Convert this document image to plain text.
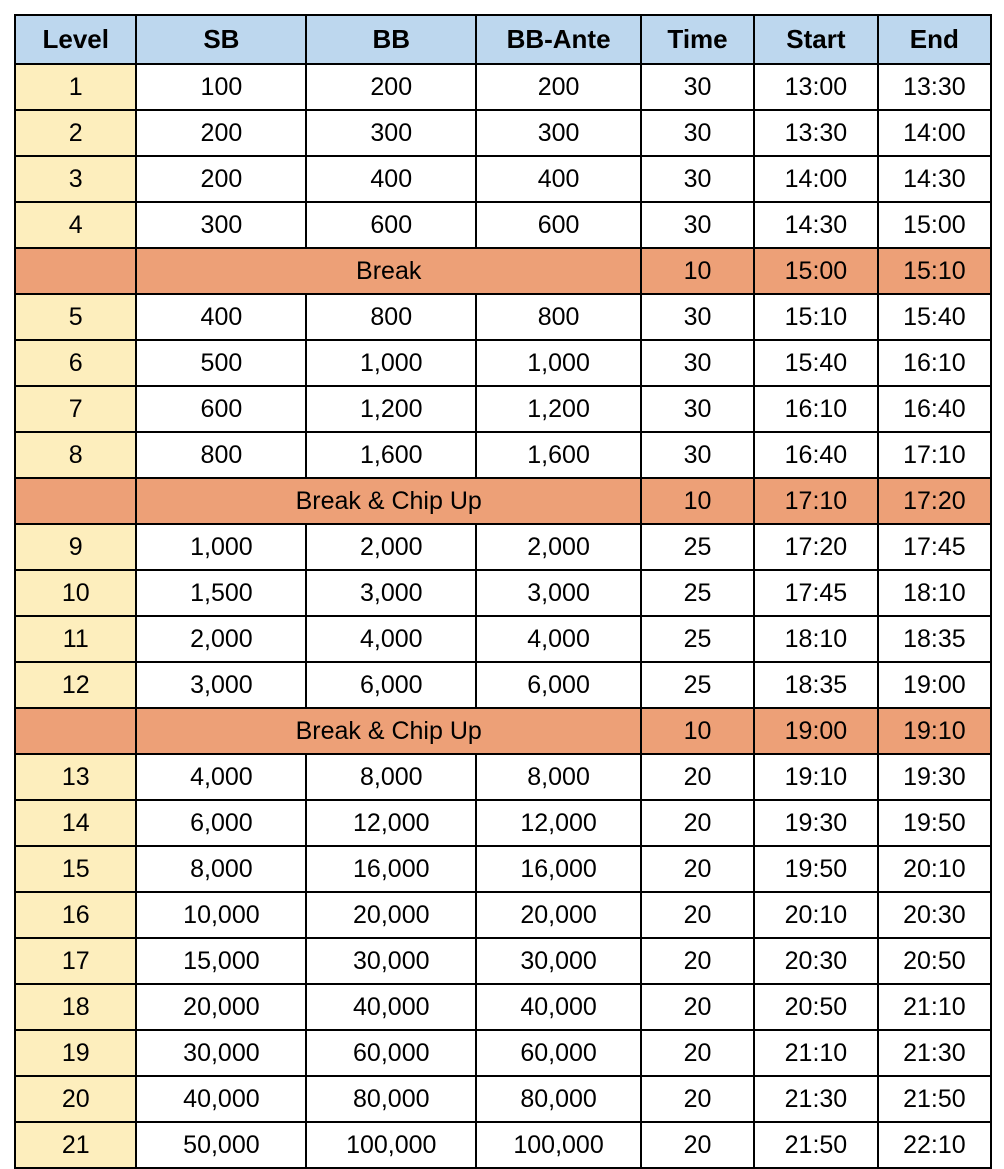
Level	SB	BB	BB-Ante	Time	Start	End
1	100	200	200	30	13:00	13:30
2	200	300	300	30	13:30	14:00
3	200	400	400	30	14:00	14:30
4	300	600	600	30	14:30	15:00
	Break			10	15:00	15:10
5	400	800	800	30	15:10	15:40
6	500	1,000	1,000	30	15:40	16:10
7	600	1,200	1,200	30	16:10	16:40
8	800	1,600	1,600	30	16:40	17:10
	Break & Chip Up			10	17:10	17:20
9	1,000	2,000	2,000	25	17:20	17:45
10	1,500	3,000	3,000	25	17:45	18:10
11	2,000	4,000	4,000	25	18:10	18:35
12	3,000	6,000	6,000	25	18:35	19:00
	Break & Chip Up			10	19:00	19:10
13	4,000	8,000	8,000	20	19:10	19:30
14	6,000	12,000	12,000	20	19:30	19:50
15	8,000	16,000	16,000	20	19:50	20:10
16	10,000	20,000	20,000	20	20:10	20:30
17	15,000	30,000	30,000	20	20:30	20:50
18	20,000	40,000	40,000	20	20:50	21:10
19	30,000	60,000	60,000	20	21:10	21:30
20	40,000	80,000	80,000	20	21:30	21:50
21	50,000	100,000	100,000	20	21:50	22:10
